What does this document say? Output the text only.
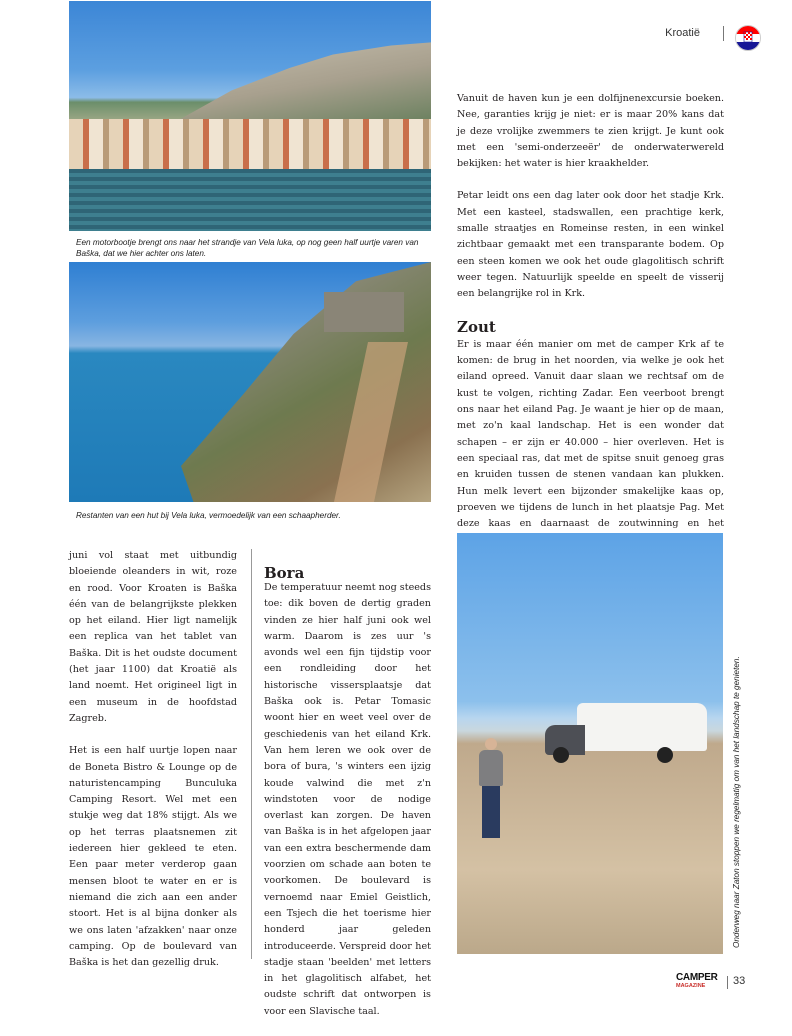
Kroatië
Een motorbootje brengt ons naar het strandje van Vela luka, op nog geen half uurtje varen van Baška, dat we hier achter ons laten.
Restanten van een hut bij Vela luka, vermoedelijk van een schaapherder.

Vanuit de haven kun je een dolfijnenexcursie boeken. Nee, garanties krijg je niet: er is maar 20% kans dat je deze vrolijke zwemmers te zien krijgt. Je kunt ook met een 'semi-onderzeeër' de onderwaterwereld bekijken: het water is hier kraakhelder.

Petar leidt ons een dag later ook door het stadje Krk. Met een kasteel, stadswallen, een prachtige kerk, smalle straatjes en Romeinse resten, in een winkel zichtbaar gemaakt met een transparante bodem. Op een steen komen we ook het oude glagolitisch schrift weer tegen. Natuurlijk speelde en speelt de visserij een belangrijke rol in Krk.

Zout

Er is maar één manier om met de camper Krk af te komen: de brug in het noorden, via welke je ook het eiland opreed. Vanuit daar slaan we rechtsaf om de kust te volgen, richting Zadar. Een veerboot brengt ons naar het eiland Pag. Je waant je hier op de maan, met zo'n kaal landschap. Het is een wonder dat schapen – er zijn er 40.000 – hier overleven. Het is een speciaal ras, dat met de spitse snuit genoeg gras en kruiden tussen de stenen vandaan kan plukken. Hun melk levert een bijzonder smakelijke kaas op, proeven we tijdens de lunch in het plaatsje Pag. Met deze kaas en daarnaast de zoutwinning en het

juni vol staat met uitbundig bloeiende oleanders in wit, roze en rood. Voor Kroaten is Baška één van de belangrijkste plekken op het eiland. Hier ligt namelijk een replica van het tablet van Baška. Dit is het oudste document (het jaar 1100) dat Kroatië als land noemt. Het origineel ligt in een museum in de hoofdstad Zagreb.

Het is een half uurtje lopen naar de Boneta Bistro & Lounge op de naturistencamping Bunculuka Camping Resort. Wel met een stukje weg dat 18% stijgt. Als we op het terras plaatsnemen zit iedereen hier gekleed te eten. Een paar meter verderop gaan mensen bloot te water en er is niemand die zich aan een ander stoort. Het is al bijna donker als we ons laten 'afzakken' naar onze camping. Op de boulevard van Baška is het dan gezellig druk.

Bora

De temperatuur neemt nog steeds toe: dik boven de dertig graden vinden ze hier half juni ook wel warm. Daarom is zes uur 's avonds wel een fijn tijdstip voor een rondleiding door het historische vissersplaatsje dat Baška ook is. Petar Tomasic woont hier en weet veel over de geschiedenis van het eiland Krk. Van hem leren we ook over de bora of bura, 's winters een ijzig koude valwind die met z'n windstoten voor de nodige overlast kan zorgen. De haven van Baška is in het afgelopen jaar van een extra beschermende dam voorzien om schade aan boten te voorkomen. De boulevard is vernoemd naar Emiel Geistlich, een Tsjech die het toerisme hier honderd jaar geleden introduceerde. Verspreid door het stadje staan 'beelden' met letters in het glagolitisch alfabet, het oudste schrift dat ontworpen is voor een Slavische taal.

Onderweg naar Zaton stoppen we regelmatig om van het landschap te genieten.
CAMPER
MAGAZINE	33
